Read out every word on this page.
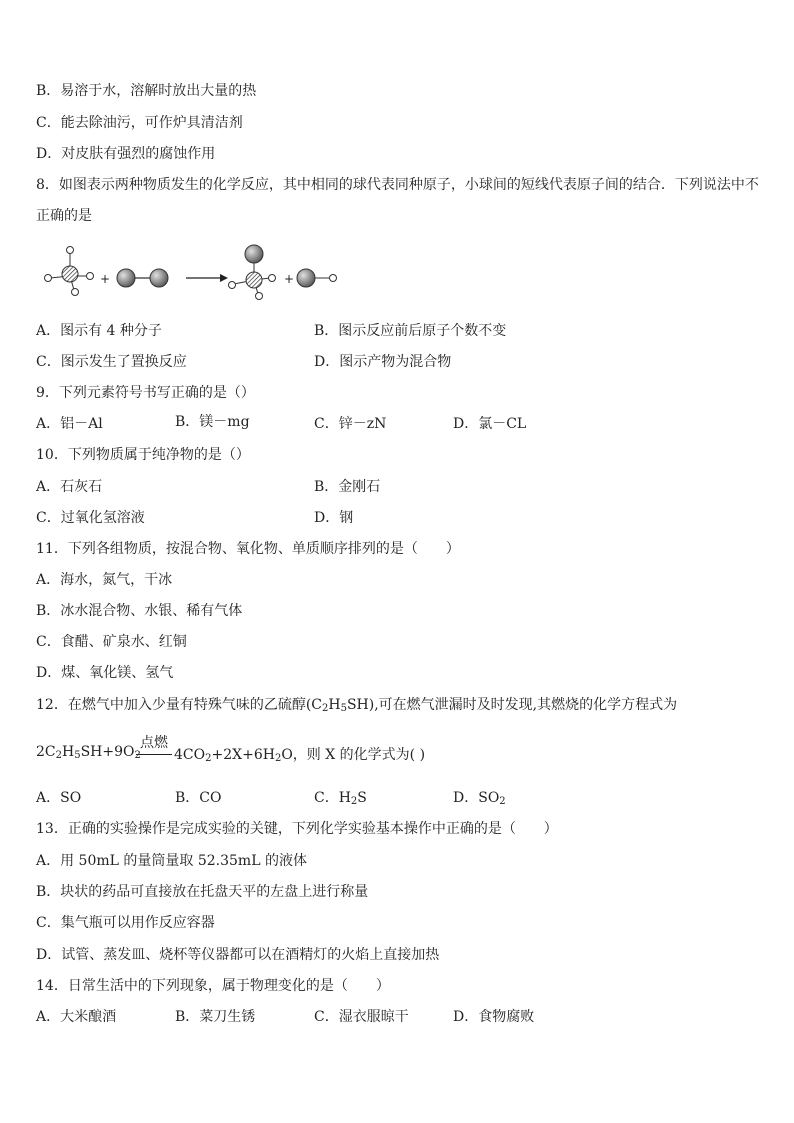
B．易溶于水，溶解时放出大量的热
C．能去除油污，可作炉具清洁剂
D．对皮肤有强烈的腐蚀作用
8．如图表示两种物质发生的化学反应，其中相同的球代表同种原子，小球间的短线代表原子间的结合．下列说法中不
正确的是
+	+
A．图示有 4 种分子	B．图示反应前后原子个数不变
C．图示发生了置换反应	D．图示产物为混合物
9．下列元素符号书写正确的是（）
A．铝－Al	B．镁－mg	C．锌－zN	D．氯－CL
10．下列物质属于纯净物的是（）
A．石灰石	B．金刚石
C．过氧化氢溶液	D．钢
11．下列各组物质，按混合物、氧化物、单质顺序排列的是（　　）
A．海水，氮气，干冰
B．冰水混合物、水银、稀有气体
C．食醋、矿泉水、红铜
D．煤、氧化镁、氢气
12．在燃气中加入少量有特殊气味的乙硫醇$(C_2H_5SH)$,可在燃气泄漏时及时发现,其燃烧的化学方程式为
$2C_2H_5SH+9O_2$
点燃
$4CO_2+2X+6H_2O$，则 X 的化学式为( )
A．SO	B．CO	C．$H_2S$	D．$SO_2$
13．正确的实验操作是完成实验的关键，下列化学实验基本操作中正确的是（　　）
A．用 50mL 的量筒量取 52.35mL 的液体
B．块状的药品可直接放在托盘天平的左盘上进行称量
C．集气瓶可以用作反应容器
D．试管、蒸发皿、烧杯等仪器都可以在酒精灯的火焰上直接加热
14．日常生活中的下列现象，属于物理变化的是（　　）
A．大米酿酒	B．菜刀生锈	C．湿衣服晾干	D．食物腐败
